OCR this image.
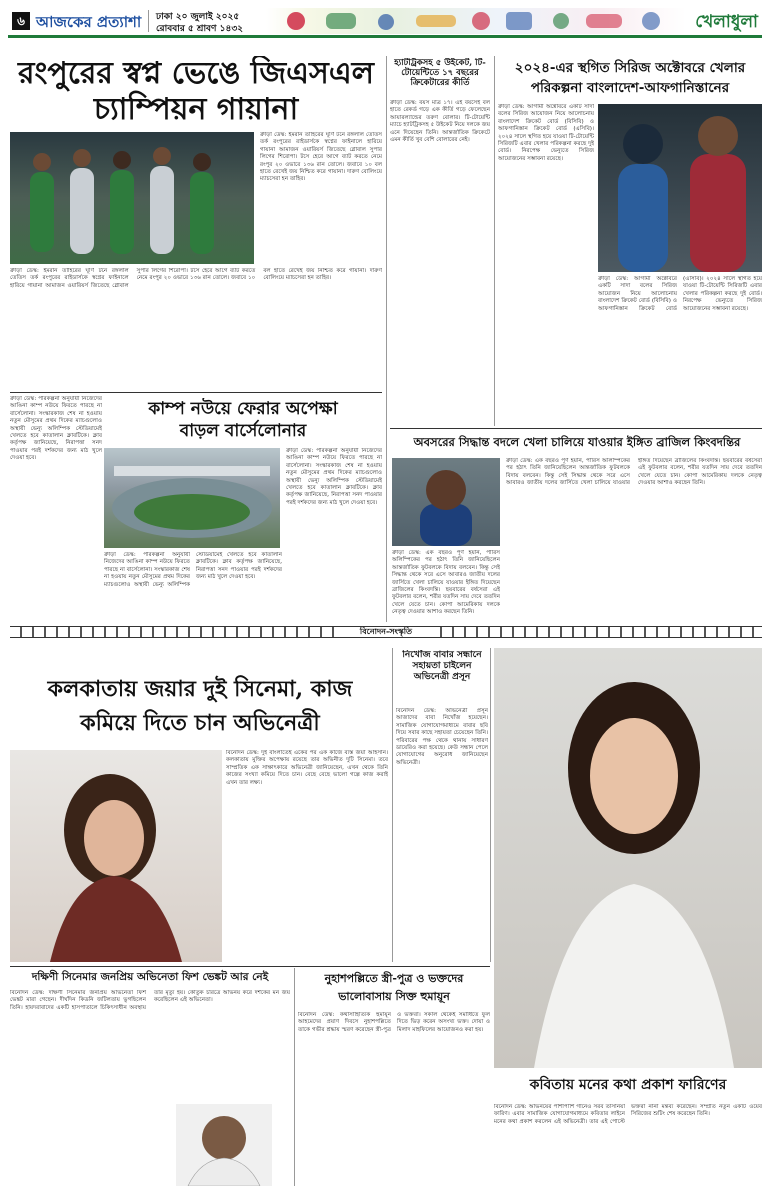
৬ আজকের প্রত্যাশা ঢাকা ২০ জুলাই ২০২৫
রোববার ৫ শ্রাবণ ১৪৩২	খেলাধুলা
রংপুরের স্বপ্ন ভেঙে জিএসএল
চ্যাম্পিয়ন গায়ানা
ক্রীড়া ডেস্ক: ইমরান তাহিরের ঘূর্ণি টনে রঙ্গলাল তেতিস তর্ক রংপুরের রাইডার্সকে স্বপ্নের ফাইনালে হারিয়ে গায়ানা আমাজন ওয়ারিয়র্স জিতেছে গ্লোবাল সুপার লিগের শিরোপা। টসে হেরে আগে ব্যাট করতে নেমে রংপুর ২০ ওভারে ১৩৬ রান তোলে। জবাবে ১০ বল হাতে রেখেই জয় নিশ্চিত করে গায়ানা। দারুণ বোলিংয়ে ম্যাচসেরা হন তাহির।
ক্রীড়া ডেস্ক: ইমরান তাহিরের ঘূর্ণি টনে রঙ্গলাল তেতিস তর্ক রংপুরের রাইডার্সকে স্বপ্নের ফাইনালে হারিয়ে গায়ানা আমাজন ওয়ারিয়র্স জিতেছে গ্লোবাল সুপার লিগের শিরোপা। টসে হেরে আগে ব্যাট করতে নেমে রংপুর ২০ ওভারে ১৩৬ রান তোলে। জবাবে ১০ বল হাতে রেখেই জয় নিশ্চিত করে গায়ানা। দারুণ বোলিংয়ে ম্যাচসেরা হন তাহির।
ক্রীড়া ডেস্ক: পরিকল্পনা অনুযায়ী নিজেদের আঙিনা কাম্প নউয়ে ফিরতে পারছে না বার্সেলোনা। সংস্কারকাজ শেষ না হওয়ায় নতুন মৌসুমের প্রথম দিকের ম্যাচগুলোও অস্থায়ী ভেন্যু অলিম্পিক স্টেডিয়ামেই খেলতে হবে কাতালান ক্লাবটিকে। ক্লাব কর্তৃপক্ষ জানিয়েছে, নিরাপত্তা সনদ পাওয়ার পরই দর্শকদের জন্য মাঠ খুলে দেওয়া হবে।
কাম্প নউয়ে ফেরার অপেক্ষা
বাড়ল বার্সেলোনার
ক্রীড়া ডেস্ক: পরিকল্পনা অনুযায়ী নিজেদের আঙিনা কাম্প নউয়ে ফিরতে পারছে না বার্সেলোনা। সংস্কারকাজ শেষ না হওয়ায় নতুন মৌসুমের প্রথম দিকের ম্যাচগুলোও অস্থায়ী ভেন্যু অলিম্পিক স্টেডিয়ামেই খেলতে হবে কাতালান ক্লাবটিকে। ক্লাব কর্তৃপক্ষ জানিয়েছে, নিরাপত্তা সনদ পাওয়ার পরই দর্শকদের জন্য মাঠ খুলে দেওয়া হবে।
ক্রীড়া ডেস্ক: পরিকল্পনা অনুযায়ী নিজেদের আঙিনা কাম্প নউয়ে ফিরতে পারছে না বার্সেলোনা। সংস্কারকাজ শেষ না হওয়ায় নতুন মৌসুমের প্রথম দিকের ম্যাচগুলোও অস্থায়ী ভেন্যু অলিম্পিক স্টেডিয়ামেই খেলতে হবে কাতালান ক্লাবটিকে। ক্লাব কর্তৃপক্ষ জানিয়েছে, নিরাপত্তা সনদ পাওয়ার পরই দর্শকদের জন্য মাঠ খুলে দেওয়া হবে।
হ্যাটট্রিকসহ ৫ উইকেট, টি-টোয়েন্টিতে ১৭ বছরের ক্রিকেটারের কীর্তি
ক্রীড়া ডেস্ক: বয়স মাত্র ১৭। এই বয়সেই বল হাতে রেকর্ড গড়ে এক কীর্তি গড়ে ফেলেছেন আয়ারল্যান্ডের তরুণ বোলার। টি-টোয়েন্টি ম্যাচে হ্যাটট্রিকসহ ৫ উইকেট নিয়ে দলকে জয় এনে দিয়েছেন তিনি। আন্তর্জাতিক ক্রিকেটে এমন কীর্তি খুব বেশি বোলারের নেই।
২০২৪-এর স্থগিত সিরিজ অক্টোবরে খেলার
পরিকল্পনা বাংলাদেশ-আফগানিস্তানের
ক্রীড়া ডেস্ক: আগামী অক্টোবরে একটি সাদা বলের সিরিজ আয়োজন নিয়ে আলোচনায় বাংলাদেশ ক্রিকেট বোর্ড (বিসিবি) ও আফগানিস্তান ক্রিকেট বোর্ড (এসিবি)। ২০২৪ সালে স্থগিত হয়ে যাওয়া টি-টোয়েন্টি সিরিজটি এবার খেলার পরিকল্পনা করছে দুই বোর্ড। নিরপেক্ষ ভেন্যুতে সিরিজ আয়োজনের সম্ভাবনা রয়েছে।
ক্রীড়া ডেস্ক: আগামী অক্টোবরে একটি সাদা বলের সিরিজ আয়োজন নিয়ে আলোচনায় বাংলাদেশ ক্রিকেট বোর্ড (বিসিবি) ও আফগানিস্তান ক্রিকেট বোর্ড (এসিবি)। ২০২৪ সালে স্থগিত হয়ে যাওয়া টি-টোয়েন্টি সিরিজটি এবার খেলার পরিকল্পনা করছে দুই বোর্ড। নিরপেক্ষ ভেন্যুতে সিরিজ আয়োজনের সম্ভাবনা রয়েছে।
অবসরের সিদ্ধান্ত বদলে খেলা চালিয়ে যাওয়ার ইঙ্গিত ব্রাজিল কিংবদন্তির
ক্রীড়া ডেস্ক: এক বছরও পূর্ণ হয়নি, পারিস অলিম্পিকের পর হঠাৎ তিনি জানিয়েছিলেন আন্তর্জাতিক ফুটবলকে বিদায় বলবেন। কিন্তু সেই সিদ্ধান্ত থেকে সরে এসে আবারও জাতীয় দলের জার্সিতে খেলা চালিয়ে যাওয়ার ইঙ্গিত দিয়েছেন ব্রাজিলের কিংবদন্তি। ছয়বারের বর্ষসেরা এই ফুটবলার বলেন, শরীর যতদিন সায় দেবে ততদিন খেলে যেতে চান। কোপা আমেরিকায় দলকে নেতৃত্ব দেওয়ার আশাও করছেন তিনি।
ক্রীড়া ডেস্ক: এক বছরও পূর্ণ হয়নি, পারিস অলিম্পিকের পর হঠাৎ তিনি জানিয়েছিলেন আন্তর্জাতিক ফুটবলকে বিদায় বলবেন। কিন্তু সেই সিদ্ধান্ত থেকে সরে এসে আবারও জাতীয় দলের জার্সিতে খেলা চালিয়ে যাওয়ার ইঙ্গিত দিয়েছেন ব্রাজিলের কিংবদন্তি। ছয়বারের বর্ষসেরা এই ফুটবলার বলেন, শরীর যতদিন সায় দেবে ততদিন খেলে যেতে চান। কোপা আমেরিকায় দলকে নেতৃত্ব দেওয়ার আশাও করছেন তিনি।
বিনোদন-সংস্কৃতি
কলকাতায় জয়ার দুই সিনেমা, কাজ
কমিয়ে দিতে চান অভিনেত্রী
বিনোদন ডেস্ক: দুই বাংলাতেই একের পর এক কাজে ব্যস্ত জয়া আহসান। কলকাতায় মুক্তির অপেক্ষায় রয়েছে তার অভিনীত দুটি সিনেমা। তবে সাম্প্রতিক এক সাক্ষাৎকারে অভিনেত্রী জানিয়েছেন, এখন থেকে তিনি কাজের সংখ্যা কমিয়ে দিতে চান। বেছে বেছে ভালো গল্পে কাজ করাই এখন তার লক্ষ্য।
নিখোঁজ বাবার সন্ধানে সহায়তা চাইলেন অভিনেত্রী প্রসূন
বিনোদন ডেস্ক: অভিনেত্রী প্রসূন আজাদের বাবা নিখোঁজ হয়েছেন। সামাজিক যোগাযোগমাধ্যমে বাবার ছবি দিয়ে সবার কাছে সহায়তা চেয়েছেন তিনি। পরিবারের পক্ষ থেকে থানায় সাধারণ ডায়েরিও করা হয়েছে। কেউ সন্ধান পেলে যোগাযোগের অনুরোধ জানিয়েছেন অভিনেত্রী।
কবিতায় মনের কথা প্রকাশ ফারিণের
দক্ষিণী সিনেমার জনপ্রিয় অভিনেতা ফিশ ভেঙ্কট আর নেই
বিনোদন ডেস্ক: দক্ষিণী সিনেমার জনপ্রিয় অভিনেতা ফিশ ভেঙ্কট মারা গেছেন। দীর্ঘদিন কিডনি জটিলতায় ভুগছিলেন তিনি। হায়দরাবাদের একটি হাসপাতালে চিকিৎসাধীন অবস্থায় তার মৃত্যু হয়। কৌতুক চরিত্রে অভিনয় করে দর্শকের মন জয় করেছিলেন এই অভিনেতা।
নুহাশপল্লিতে স্ত্রী-পুত্র ও ভক্তদের
ভালোবাসায় সিক্ত হুমায়ূন
বিনোদন ডেস্ক: কথাসাহিত্যিক হুমায়ূন আহমেদের প্রয়াণ দিবসে নুহাশপল্লিতে তাকে গভীর শ্রদ্ধায় স্মরণ করেছেন স্ত্রী-পুত্র ও ভক্তরা। সকাল থেকেই সমাধিতে ফুল দিতে ভিড় করেন অসংখ্য ভক্ত। দোয়া ও মিলাদ মাহফিলের আয়োজনও করা হয়।
বিনোদন ডেস্ক: অভিনয়ের পাশাপাশি গানেও সরব তাসনিয়া ফারিণ। এবার সামাজিক যোগাযোগমাধ্যমে কবিতার লাইনে মনের কথা প্রকাশ করলেন এই অভিনেত্রী। তার এই পোস্টে ভক্তরা নানা মন্তব্য করেছেন। সম্প্রতি নতুন একটি ওয়েব সিরিজের শুটিং শেষ করেছেন তিনি।
